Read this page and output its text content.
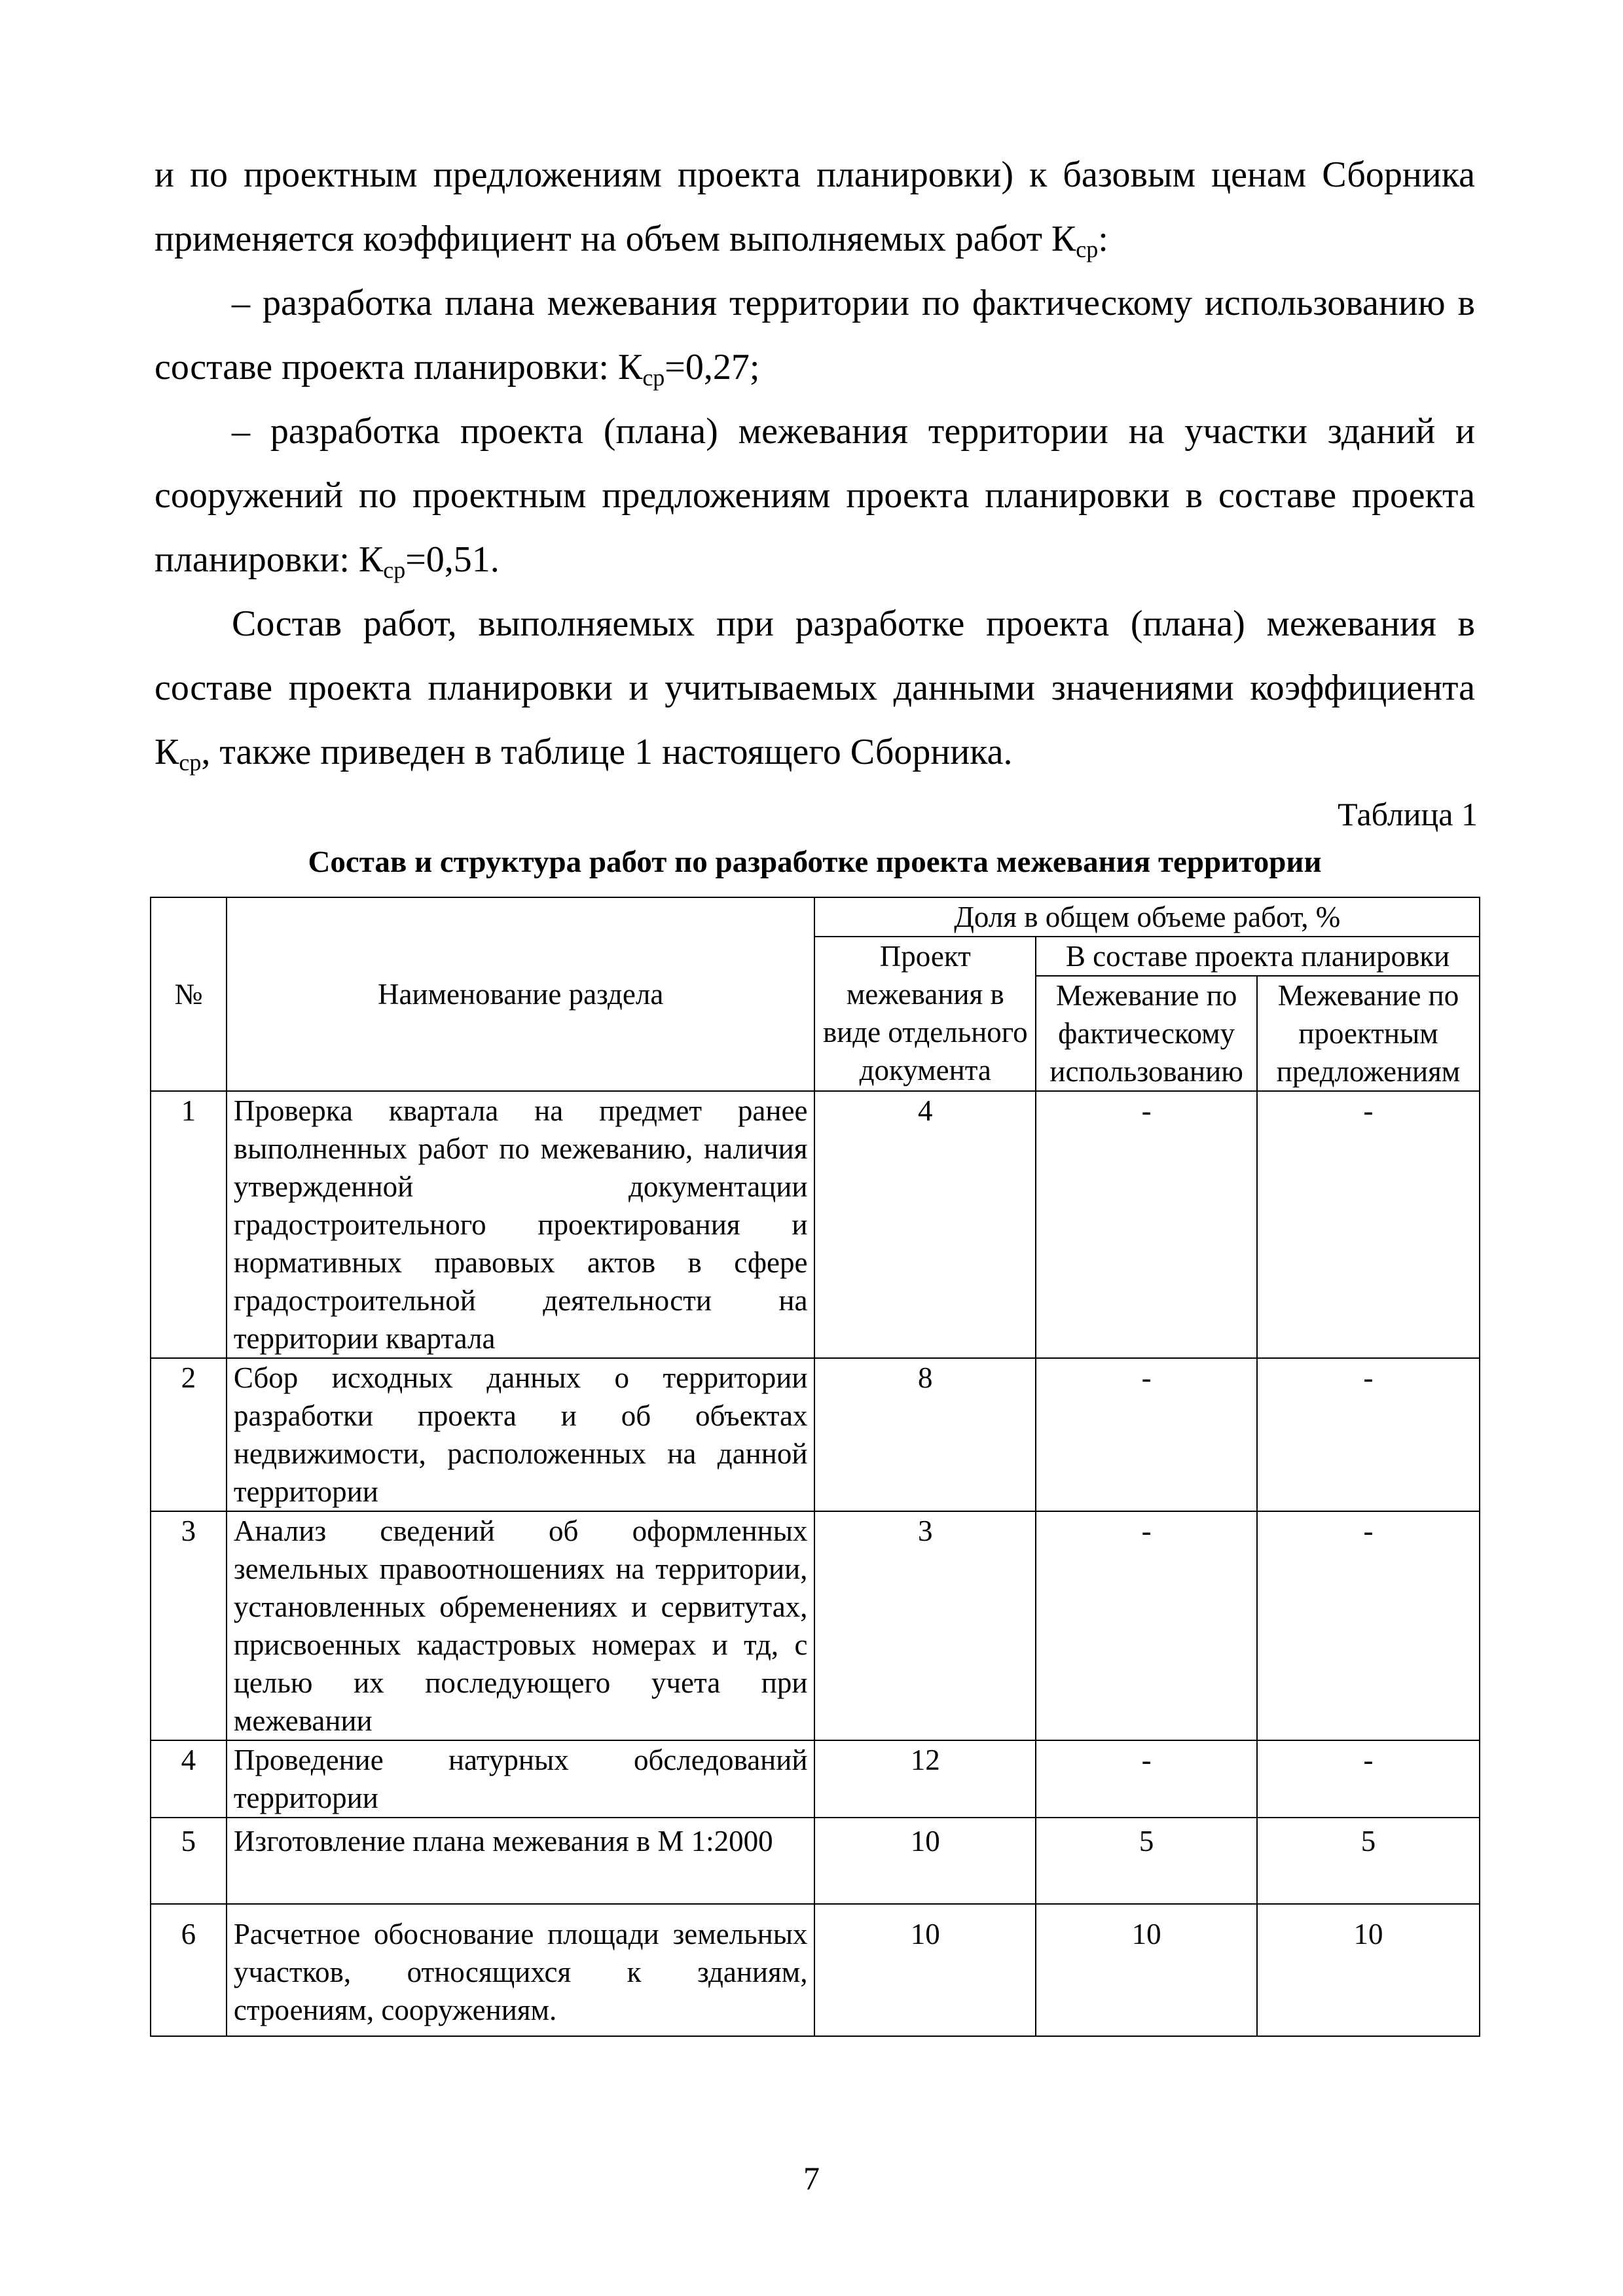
и по проектным предложениям проекта планировки) к базовым ценам Сборника применяется коэффициент на объем выполняемых работ $К_{ср}$:

– разработка плана межевания территории по фактическому использованию в составе проекта планировки: $К_{ср}=0,27$;

– разработка проекта (плана) межевания территории на участки зданий и сооружений по проектным предложениям проекта планировки в составе проекта планировки: $К_{ср}=0,51$.

Состав работ, выполняемых при разработке проекта (плана) межевания в составе проекта планировки и учитываемых данными значениями коэффициента $К_{ср}$, также приведен в таблице 1 настоящего Сборника.

Таблица 1
Состав и структура работ по разработке проекта межевания территории
№	Наименование раздела	Доля в общем объеме работ, %		
		Проект межевания в виде отдельного документа	В составе проекта планировки	
			Межевание по фактическому использованию	Межевание по проектным предложениям
1	Проверка квартала на предмет ранее выполненных работ по межеванию, наличия утвержденной документации градостроительного проектирования и нормативных правовых актов в сфере градостроительной деятельности на территории квартала	4	-	-
2	Сбор исходных данных о территории разработки проекта и об объектах недвижимости, расположенных на данной территории	8	-	-
3	Анализ сведений об оформленных земельных правоотношениях на территории, установленных обременениях и сервитутах, присвоенных кадастровых номерах и тд, с целью их последующего учета при межевании	3	-	-
4	Проведение натурных обследований территории	12	-	-
5	Изготовление плана межевания в М 1:2000	10	5	5
6	Расчетное обоснование площади земельных участков, относящихся к зданиям, строениям, сооружениям.	10	10	10
7
